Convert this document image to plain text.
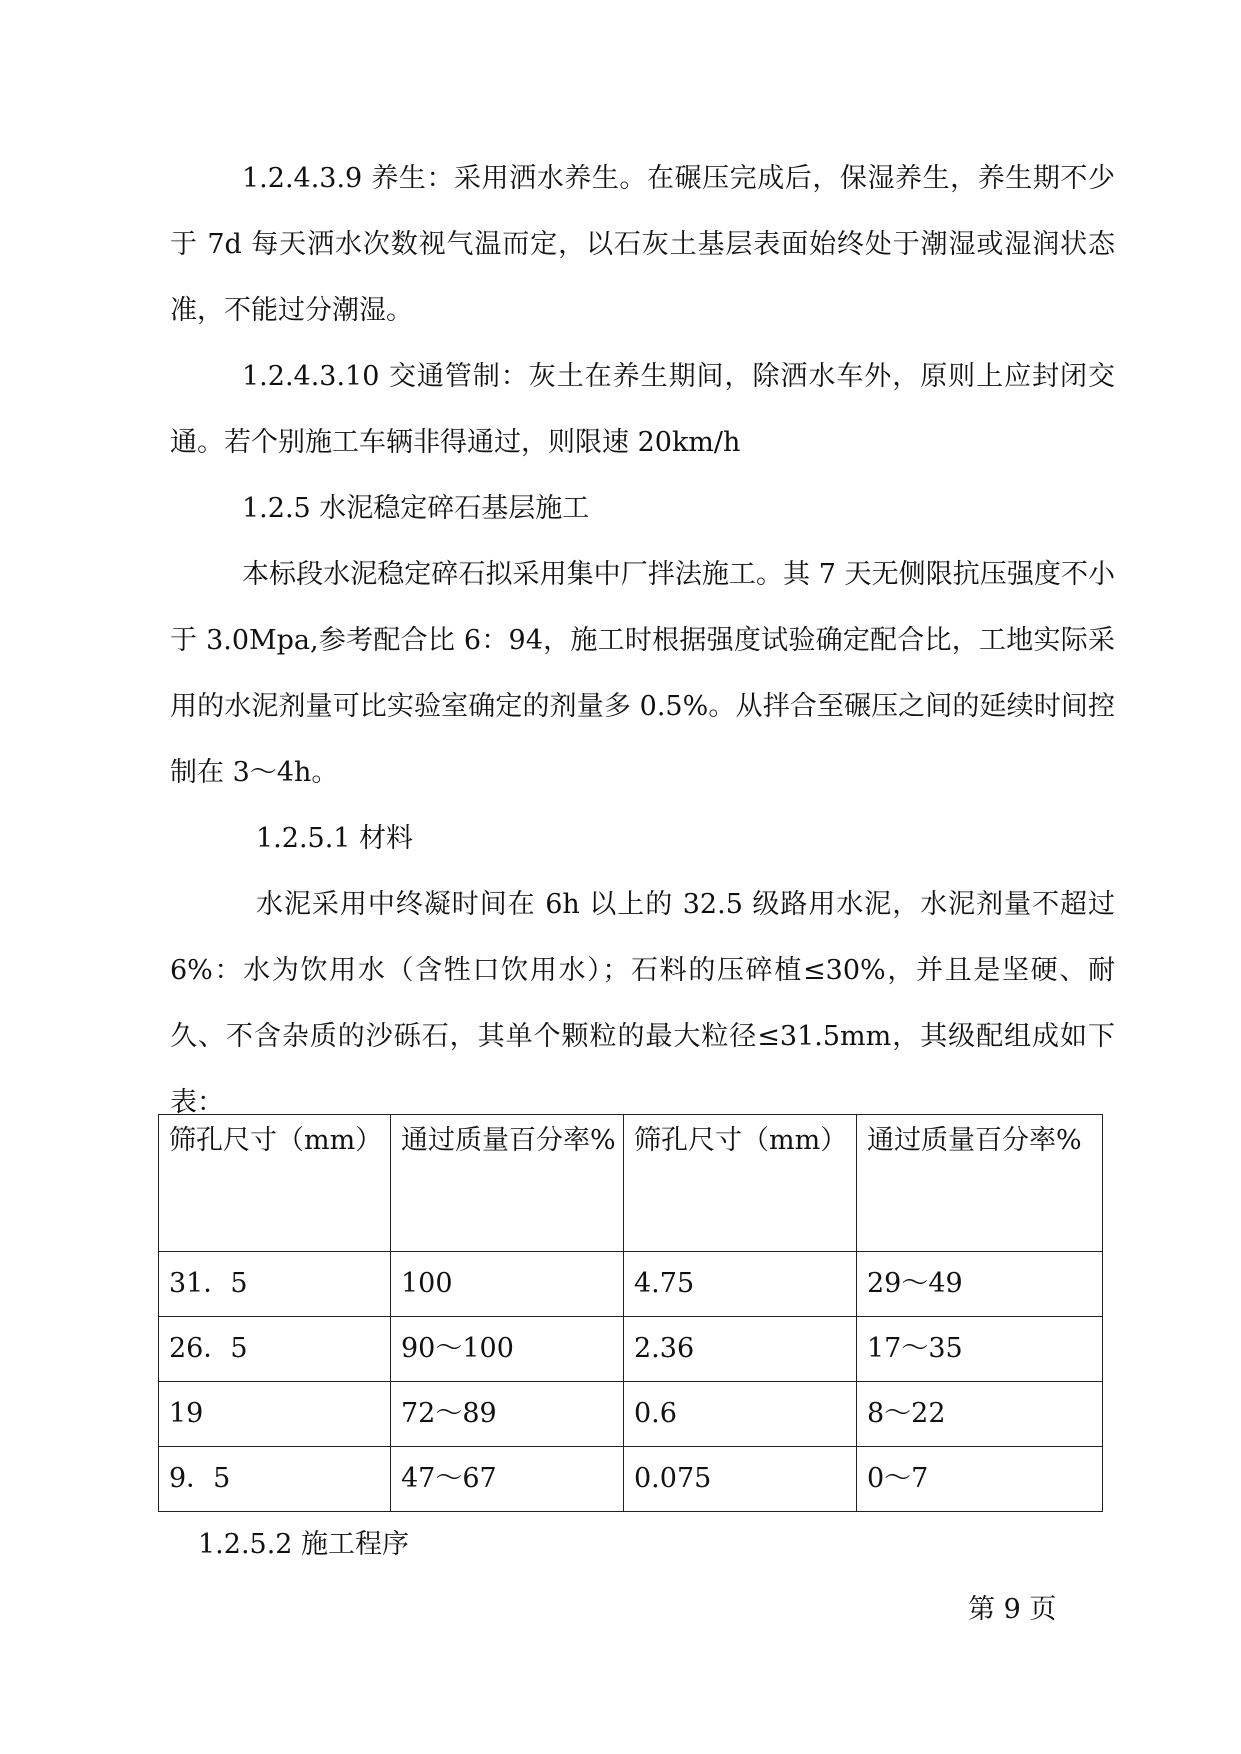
1.2.4.3.9 养生：采用洒水养生。在碾压完成后，保湿养生，养生期不少于 7d 每天洒水次数视气温而定，以石灰土基层表面始终处于潮湿或湿润状态准，不能过分潮湿。

1.2.4.3.10 交通管制：灰土在养生期间，除洒水车外，原则上应封闭交通。若个别施工车辆非得通过，则限速 20km/h

1.2.5 水泥稳定碎石基层施工

本标段水泥稳定碎石拟采用集中厂拌法施工。其 7 天无侧限抗压强度不小于 3.0Mpa,参考配合比 6：94，施工时根据强度试验确定配合比，工地实际采用的水泥剂量可比实验室确定的剂量多 0.5%。从拌合至碾压之间的延续时间控制在 3～4h。

1.2.5.1 材料

水泥采用中终凝时间在 6h 以上的 32.5 级路用水泥，水泥剂量不超过 6%：水为饮用水（含牲口饮用水）；石料的压碎植≤30%，并且是坚硬、耐久、不含杂质的沙砾石，其单个颗粒的最大粒径≤31.5mm，其级配组成如下表：

筛孔尺寸（mm）	通过质量百分率%	筛孔尺寸（mm）	通过质量百分率%
31．5	100	4.75	29～49
26．5	90～100	2.36	17～35
19	72～89	0.6	8～22
9．5	47～67	0.075	0～7

1.2.5.2 施工程序

第 9 页
